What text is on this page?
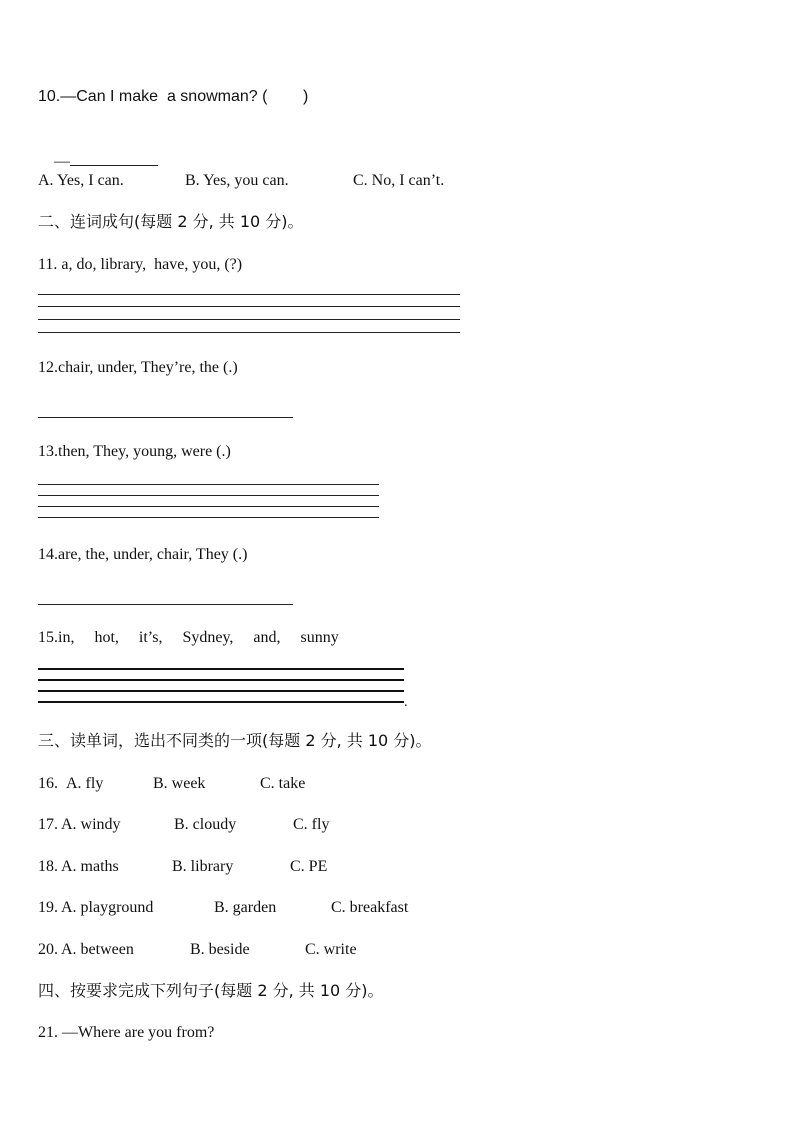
10.—Can I make  a snowman? (        )

—

A. Yes, I can.	B. Yes, you can.	C. No, I can’t.
二、连词成句(每题 2 分, 共 10 分)。
11. a, do, library,  have, you, (?)
12.chair, under, They’re, the (.)
13.then, They, young, were (.)
14.are, the, under, chair, They (.)
15.in,     hot,     it’s,     Sydney,     and,     sunny
.
三、读单词，选出不同类的一项(每题 2 分, 共 10 分)。
16. A. fly	B. week	C. take
17. A. windy	B. cloudy	C. fly
18. A. maths	B. library	C. PE
19. A. playground	B. garden	C. breakfast
20. A. between	B. beside	C. write
四、按要求完成下列句子(每题 2 分, 共 10 分)。
21. —Where are you from?
